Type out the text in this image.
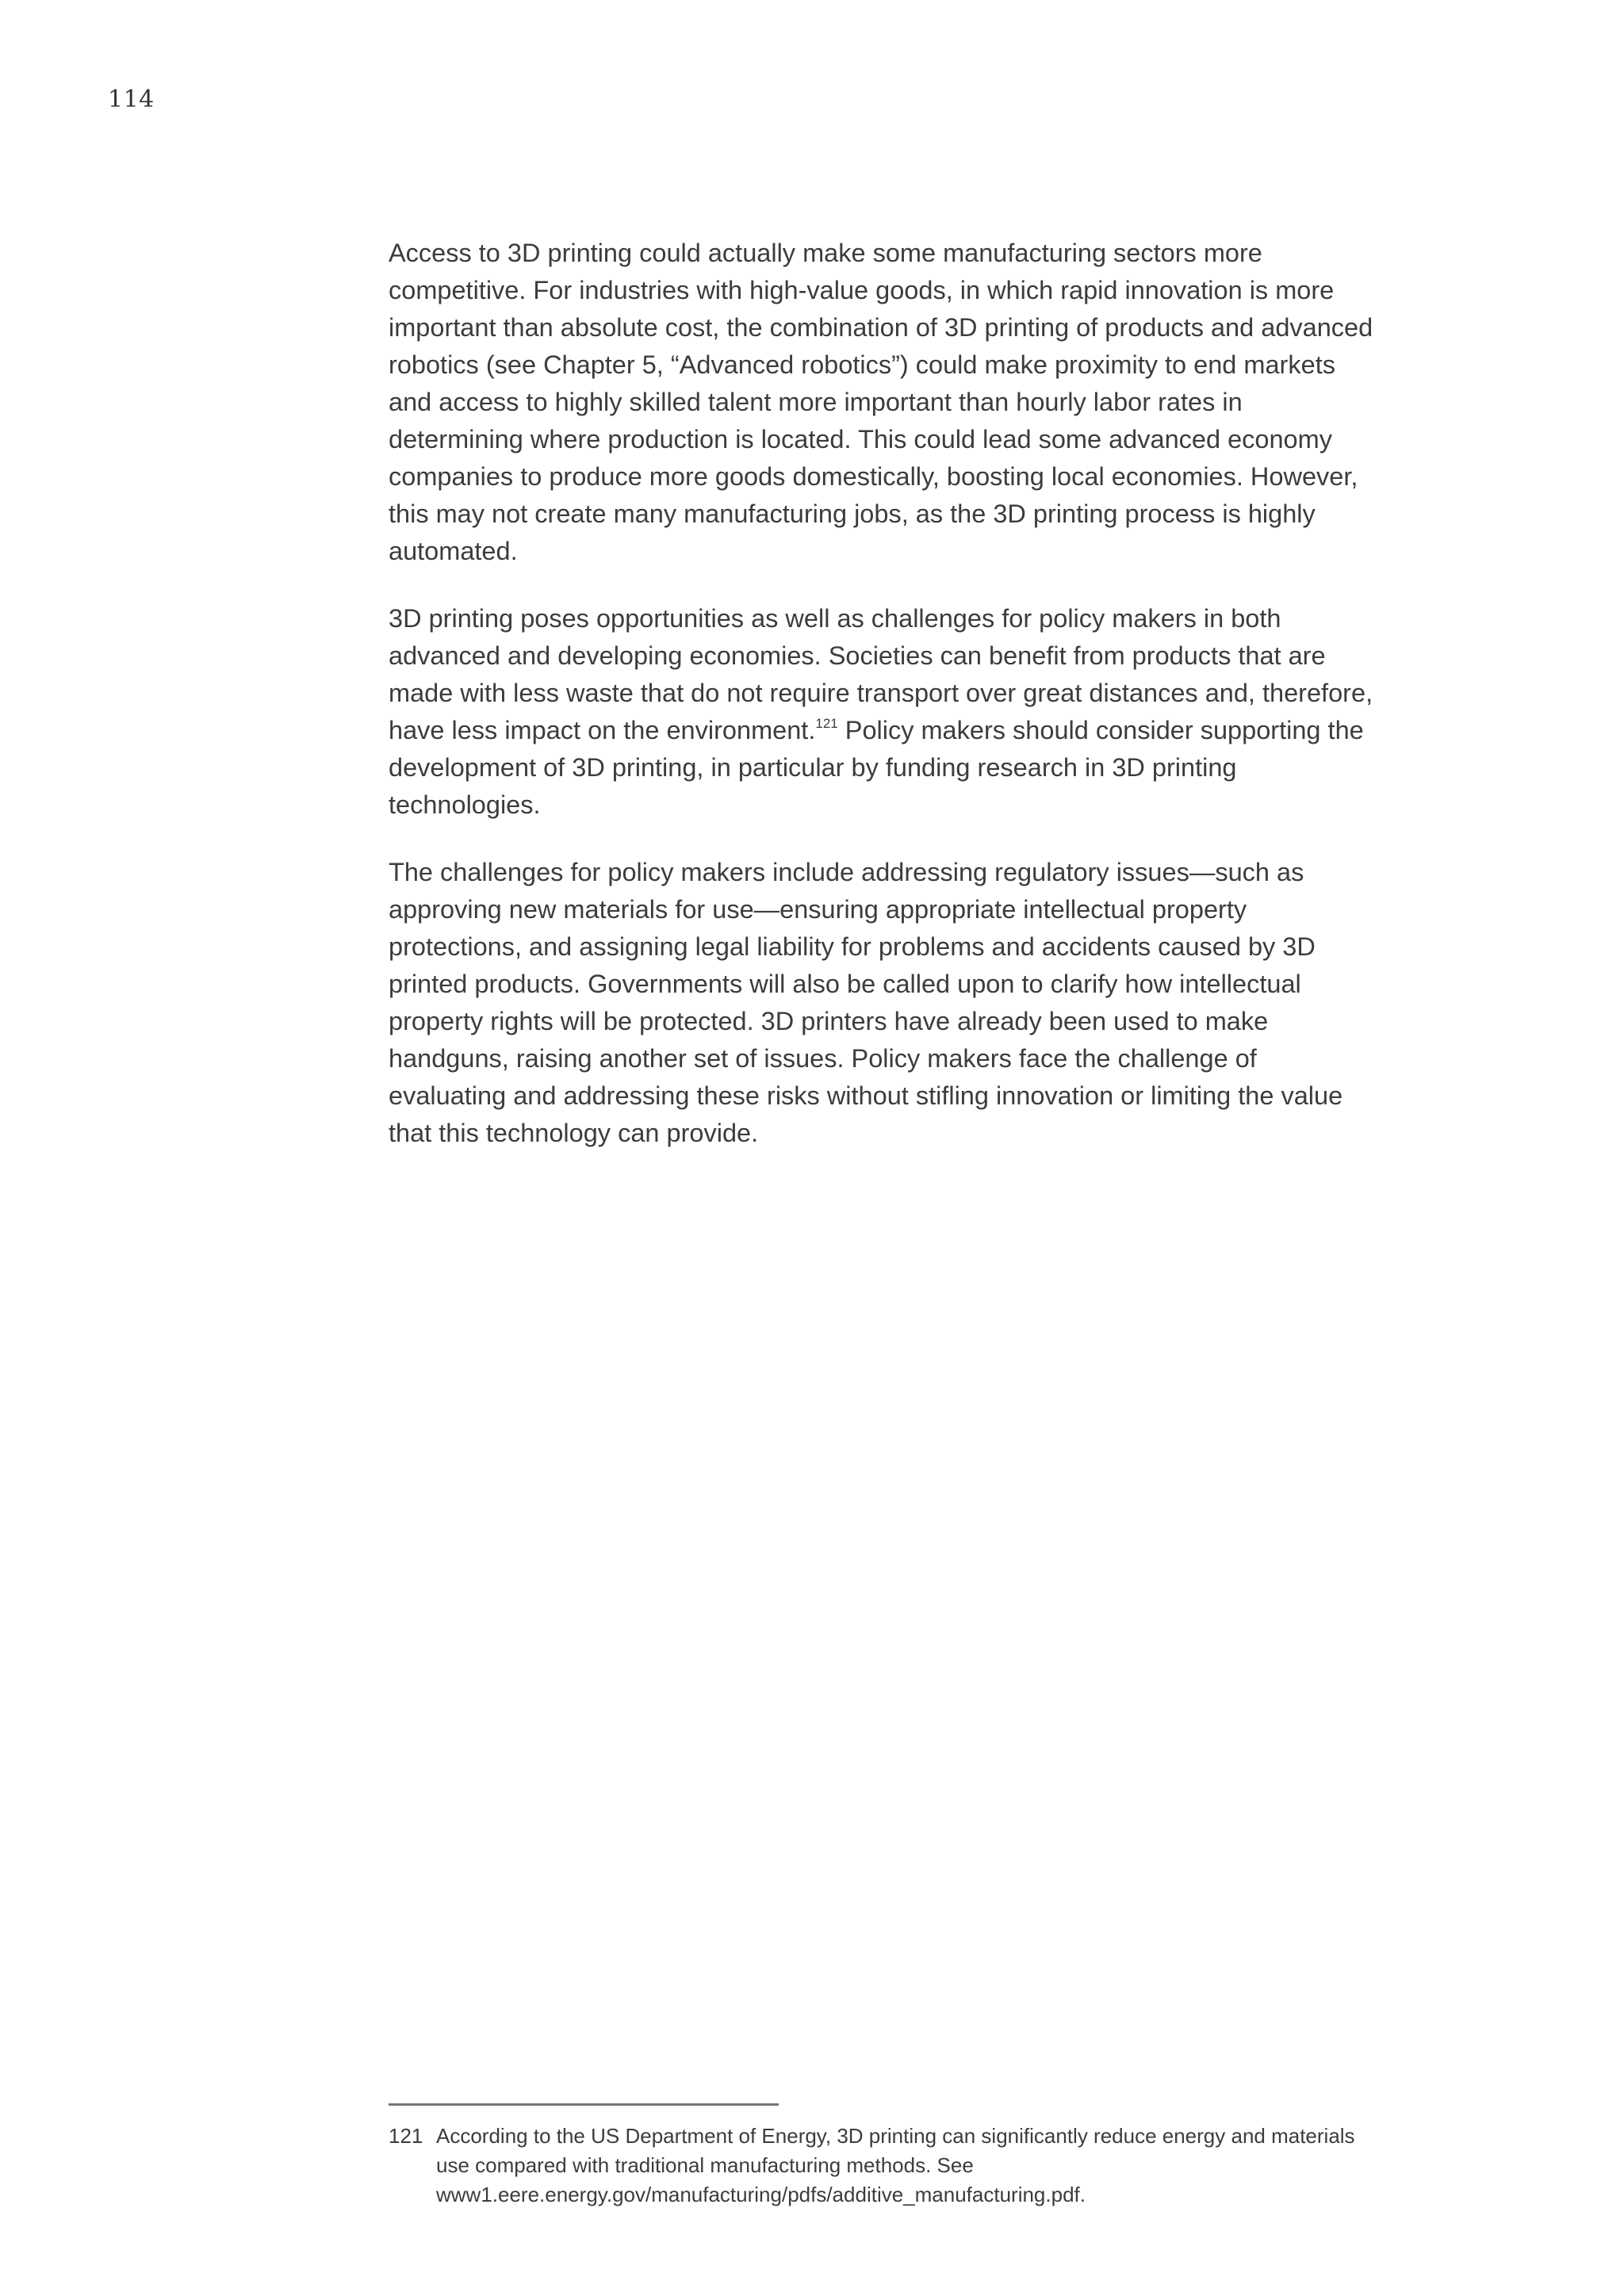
114

Access to 3D printing could actually make some manufacturing sectors more competitive. For industries with high-value goods, in which rapid innovation is more important than absolute cost, the combination of 3D printing of products and advanced robotics (see Chapter 5, “Advanced robotics”) could make proximity to end markets and access to highly skilled talent more important than hourly labor rates in determining where production is located. This could lead some advanced economy companies to produce more goods domestically, boosting local economies. However, this may not create many manufacturing jobs, as the 3D printing process is highly automated.

3D printing poses opportunities as well as challenges for policy makers in both advanced and developing economies. Societies can benefit from products that are made with less waste that do not require transport over great distances and, therefore, have less impact on the environment.$^{121}$ Policy makers should consider supporting the development of 3D printing, in particular by funding research in 3D printing technologies.

The challenges for policy makers include addressing regulatory issues—such as approving new materials for use—ensuring appropriate intellectual property protections, and assigning legal liability for problems and accidents caused by 3D printed products. Governments will also be called upon to clarify how intellectual property rights will be protected. 3D printers have already been used to make handguns, raising another set of issues. Policy makers face the challenge of evaluating and addressing these risks without stifling innovation or limiting the value that this technology can provide.

121 According to the US Department of Energy, 3D printing can significantly reduce energy and materials use compared with traditional manufacturing methods. See www1.eere.energy.gov/manufacturing/pdfs/additive_manufacturing.pdf.
